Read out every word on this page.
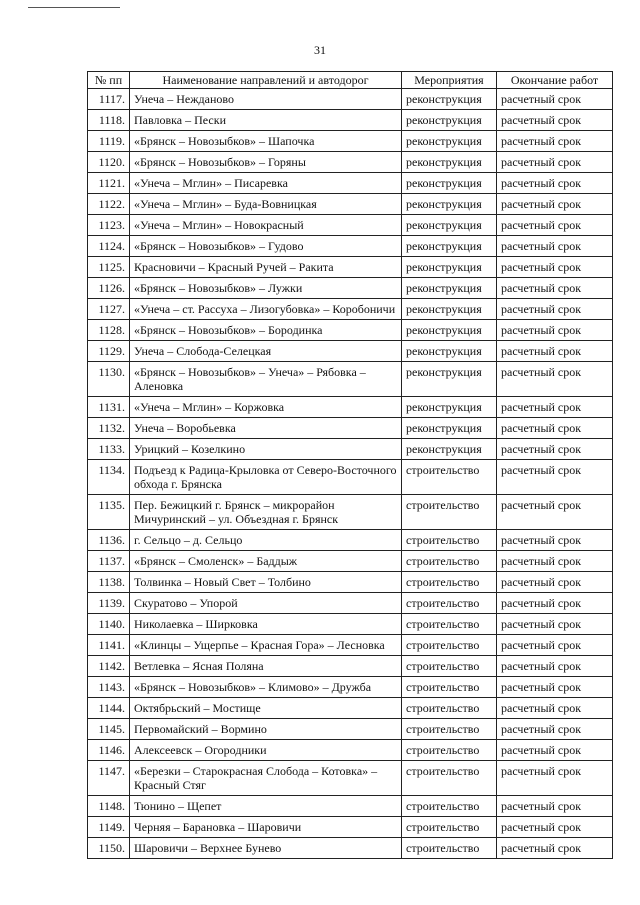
31
№ пп	Наименование направлений и автодорог	Мероприятия	Окончание работ
1117.	Унеча – Нежданово	реконструкция	расчетный срок
1118.	Павловка – Пески	реконструкция	расчетный срок
1119.	«Брянск – Новозыбков» – Шапочка	реконструкция	расчетный срок
1120.	«Брянск – Новозыбков» – Горяны	реконструкция	расчетный срок
1121.	«Унеча – Мглин» – Писаревка	реконструкция	расчетный срок
1122.	«Унеча – Мглин» – Буда-Вовницкая	реконструкция	расчетный срок
1123.	«Унеча – Мглин» – Новокрасный	реконструкция	расчетный срок
1124.	«Брянск – Новозыбков» – Гудово	реконструкция	расчетный срок
1125.	Красновичи – Красный Ручей – Ракита	реконструкция	расчетный срок
1126.	«Брянск – Новозыбков» – Лужки	реконструкция	расчетный срок
1127.	«Унеча – ст. Рассуха – Лизогубовка» – Коробоничи	реконструкция	расчетный срок
1128.	«Брянск – Новозыбков» – Бородинка	реконструкция	расчетный срок
1129.	Унеча – Слобода-Селецкая	реконструкция	расчетный срок
1130.	«Брянск – Новозыбков» – Унеча» – Рябовка – Аленовка	реконструкция	расчетный срок
1131.	«Унеча – Мглин» – Коржовка	реконструкция	расчетный срок
1132.	Унеча – Воробьевка	реконструкция	расчетный срок
1133.	Урицкий – Козелкино	реконструкция	расчетный срок
1134.	Подъезд к Радица-Крыловка от Северо-Восточного обхода г. Брянска	строительство	расчетный срок
1135.	Пер. Бежицкий г. Брянск – микрорайон Мичуринский – ул. Объездная г. Брянск	строительство	расчетный срок
1136.	г. Сельцо – д. Сельцо	строительство	расчетный срок
1137.	«Брянск – Смоленск» – Баддыж	строительство	расчетный срок
1138.	Толвинка – Новый Свет – Толбино	строительство	расчетный срок
1139.	Скуратово – Упорой	строительство	расчетный срок
1140.	Николаевка – Ширковка	строительство	расчетный срок
1141.	«Клинцы – Ущерпье – Красная Гора» – Лесновка	строительство	расчетный срок
1142.	Ветлевка – Ясная Поляна	строительство	расчетный срок
1143.	«Брянск – Новозыбков» – Климово» – Дружба	строительство	расчетный срок
1144.	Октябрьский – Мостище	строительство	расчетный срок
1145.	Первомайский – Вормино	строительство	расчетный срок
1146.	Алексеевск – Огородники	строительство	расчетный срок
1147.	«Березки – Старокрасная Слобода – Котовка» – Красный Стяг	строительство	расчетный срок
1148.	Тюнино – Щепет	строительство	расчетный срок
1149.	Черняя – Барановка – Шаровичи	строительство	расчетный срок
1150.	Шаровичи – Верхнее Бунево	строительство	расчетный срок
